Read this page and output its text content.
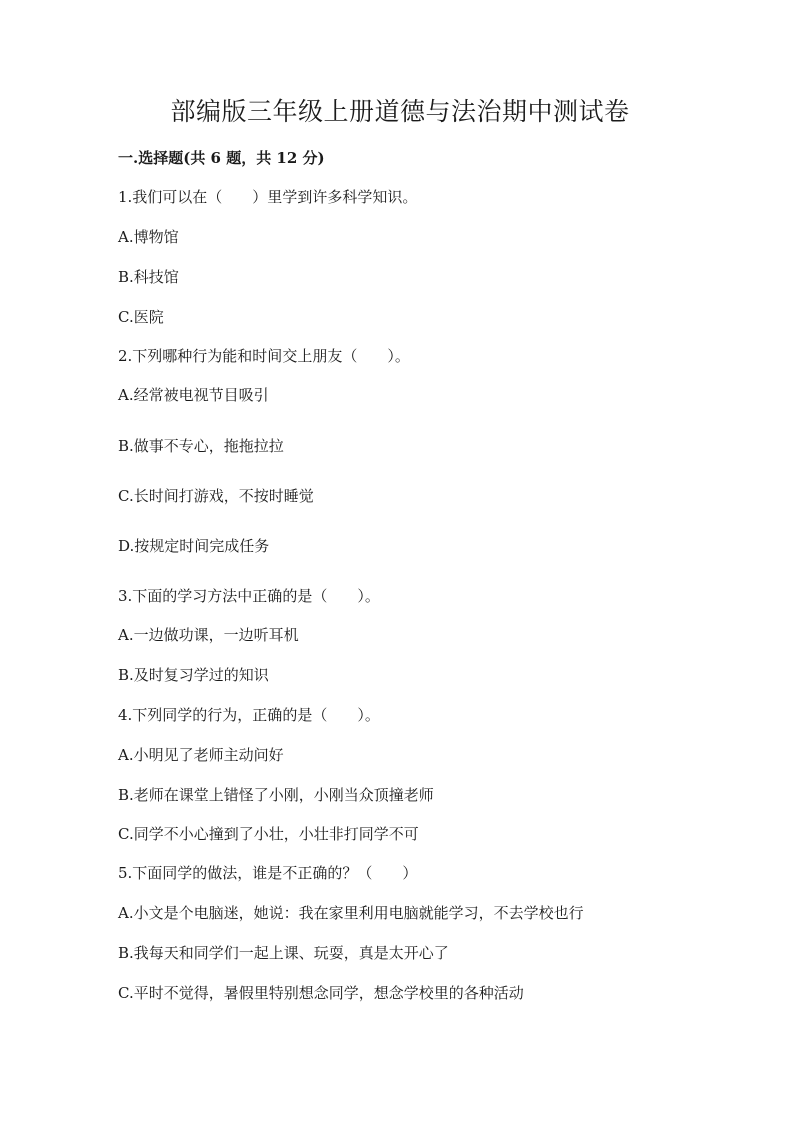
部编版三年级上册道德与法治期中测试卷
一.选择题(共 6 题，共 12 分)
1.我们可以在（　　）里学到许多科学知识。
A.博物馆
B.科技馆
C.医院
2.下列哪种行为能和时间交上朋友（　　）。
A.经常被电视节目吸引
B.做事不专心，拖拖拉拉
C.长时间打游戏，不按时睡觉
D.按规定时间完成任务
3.下面的学习方法中正确的是（　　）。
A.一边做功课，一边听耳机
B.及时复习学过的知识
4.下列同学的行为，正确的是（　　）。
A.小明见了老师主动问好
B.老师在课堂上错怪了小刚，小刚当众顶撞老师
C.同学不小心撞到了小壮，小壮非打同学不可
5.下面同学的做法，谁是不正确的？（　　）
A.小文是个电脑迷，她说：我在家里利用电脑就能学习，不去学校也行
B.我每天和同学们一起上课、玩耍，真是太开心了
C.平时不觉得，暑假里特别想念同学，想念学校里的各种活动
